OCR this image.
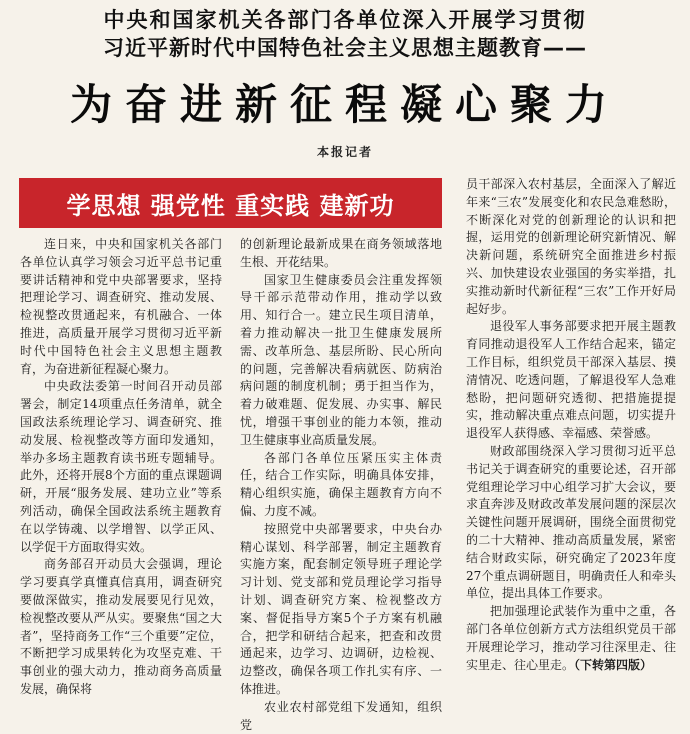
中央和国家机关各部门各单位深入开展学习贯彻
习近平新时代中国特色社会主义思想主题教育——
为奋进新征程凝心聚力
本报记者
学思想 强党性 重实践 建新功

连日来，中央和国家机关各部门各单位认真学习领会习近平总书记重要讲话精神和党中央部署要求，坚持把理论学习、调查研究、推动发展、检视整改贯通起来，有机融合、一体推进，高质量开展学习贯彻习近平新时代中国特色社会主义思想主题教育，为奋进新征程凝心聚力。

中央政法委第一时间召开动员部署会，制定14项重点任务清单，就全国政法系统理论学习、调查研究、推动发展、检视整改等方面印发通知，举办多场主题教育读书班专题辅导。此外，还将开展8个方面的重点课题调研，开展“服务发展、建功立业”等系列活动，确保全国政法系统主题教育在以学铸魂、以学增智、以学正风、以学促干方面取得实效。

商务部召开动员大会强调，理论学习要真学真懂真信真用，调查研究要做深做实，推动发展要见行见效，检视整改要从严从实。要聚焦“国之大者”，坚持商务工作“三个重要”定位，不断把学习成果转化为攻坚克难、干事创业的强大动力，推动商务高质量发展，确保将

的创新理论最新成果在商务领域落地生根、开花结果。

国家卫生健康委员会注重发挥领导干部示范带动作用，推动学以致用、知行合一。建立民生项目清单，着力推动解决一批卫生健康发展所需、改革所急、基层所盼、民心所向的问题，完善解决看病就医、防病治病问题的制度机制；勇于担当作为，着力破难题、促发展、办实事、解民忧，增强干事创业的能力本领，推动卫生健康事业高质量发展。

各部门各单位压紧压实主体责任，结合工作实际，明确具体安排，精心组织实施，确保主题教育方向不偏、力度不减。

按照党中央部署要求，中央台办精心谋划、科学部署，制定主题教育实施方案，配套制定领导班子理论学习计划、党支部和党员理论学习指导计划、调查研究方案、检视整改方案、督促指导方案5个子方案有机融合，把学和研结合起来，把查和改贯通起来，边学习、边调研，边检视、边整改，确保各项工作扎实有序、一体推进。

农业农村部党组下发通知，组织党

员干部深入农村基层，全面深入了解近年来“三农”发展变化和农民急难愁盼，不断深化对党的创新理论的认识和把握，运用党的创新理论研究新情况、解决新问题，系统研究全面推进乡村振兴、加快建设农业强国的务实举措，扎实推动新时代新征程“三农”工作开好局起好步。

退役军人事务部要求把开展主题教育同推动退役军人工作结合起来，锚定工作目标，组织党员干部深入基层、摸清情况、吃透问题，了解退役军人急难愁盼，把问题研究透彻、把措施提提实，推动解决重点难点问题，切实提升退役军人获得感、幸福感、荣誉感。

财政部围绕深入学习贯彻习近平总书记关于调查研究的重要论述，召开部党组理论学习中心组学习扩大会议，要求直奔涉及财政改革发展问题的深层次关键性问题开展调研，围绕全面贯彻党的二十大精神、推动高质量发展，紧密结合财政实际，研究确定了2023年度27个重点调研题目，明确责任人和牵头单位，提出具体工作要求。

把加强理论武装作为重中之重，各部门各单位创新方式方法组织党员干部开展理论学习，推动学习往深里走、往实里走、往心里走。（下转第四版）
